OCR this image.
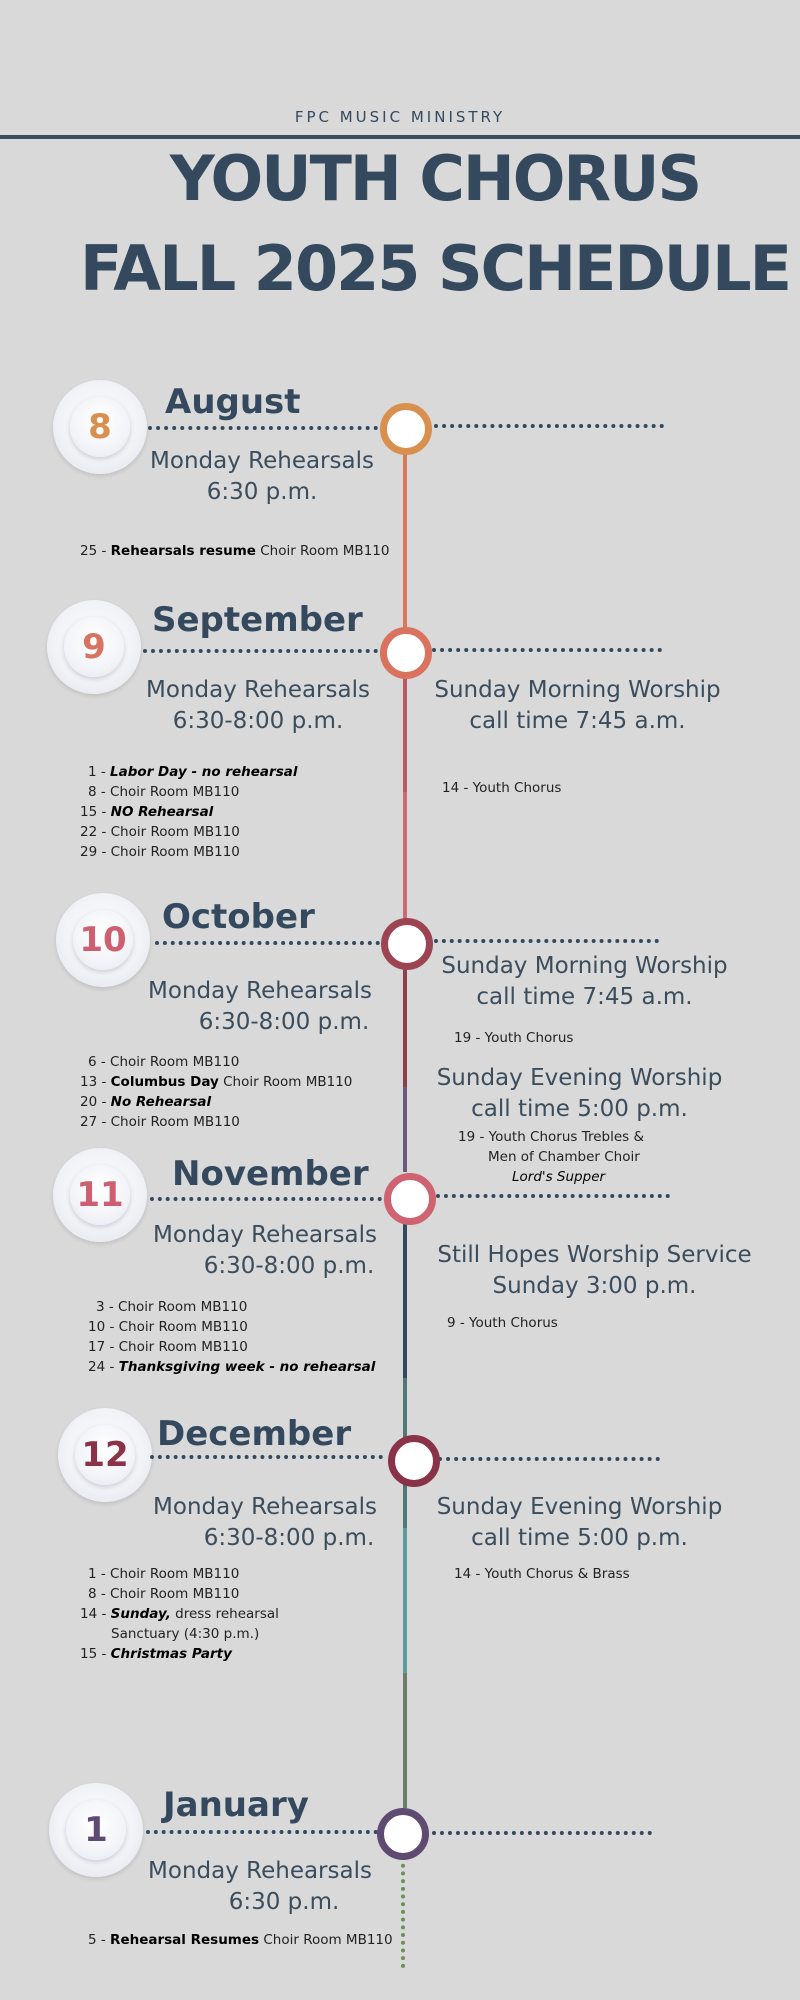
FPC MUSIC MINISTRY
YOUTH CHORUS
FALL 2025 SCHEDULE
8
August
Monday Rehearsals
6:30 p.m.
25 - Rehearsals resume Choir Room MB110
9
September
Monday Rehearsals
6:30-8:00 p.m.
Sunday Morning Worship
call time 7:45 a.m.
14 - Youth Chorus
1 - Labor Day - no rehearsal
8 - Choir Room MB110
15 - NO Rehearsal
22 - Choir Room MB110
29 - Choir Room MB110
10
October
Monday Rehearsals
6:30-8:00 p.m.
Sunday Morning Worship
call time 7:45 a.m.
19 - Youth Chorus
Sunday Evening Worship
call time 5:00 p.m.
19 - Youth Chorus Trebles &
Men of Chamber Choir
Lord's Supper
6 - Choir Room MB110
13 - Columbus Day Choir Room MB110
20 - No Rehearsal
27 - Choir Room MB110
11
November
Monday Rehearsals
6:30-8:00 p.m.	Still Hopes Worship Service
Sunday 3:00 p.m.
9 - Youth Chorus
3 - Choir Room MB110
10 - Choir Room MB110
17 - Choir Room MB110
24 - Thanksgiving week - no rehearsal
12
December
Monday Rehearsals
6:30-8:00 p.m.
Sunday Evening Worship
call time 5:00 p.m.
14 - Youth Chorus & Brass
1 - Choir Room MB110
8 - Choir Room MB110
14 - Sunday, dress rehearsal
Sanctuary (4:30 p.m.)
15 - Christmas Party
1
January
Monday Rehearsals
6:30 p.m.
5 - Rehearsal Resumes Choir Room MB110
